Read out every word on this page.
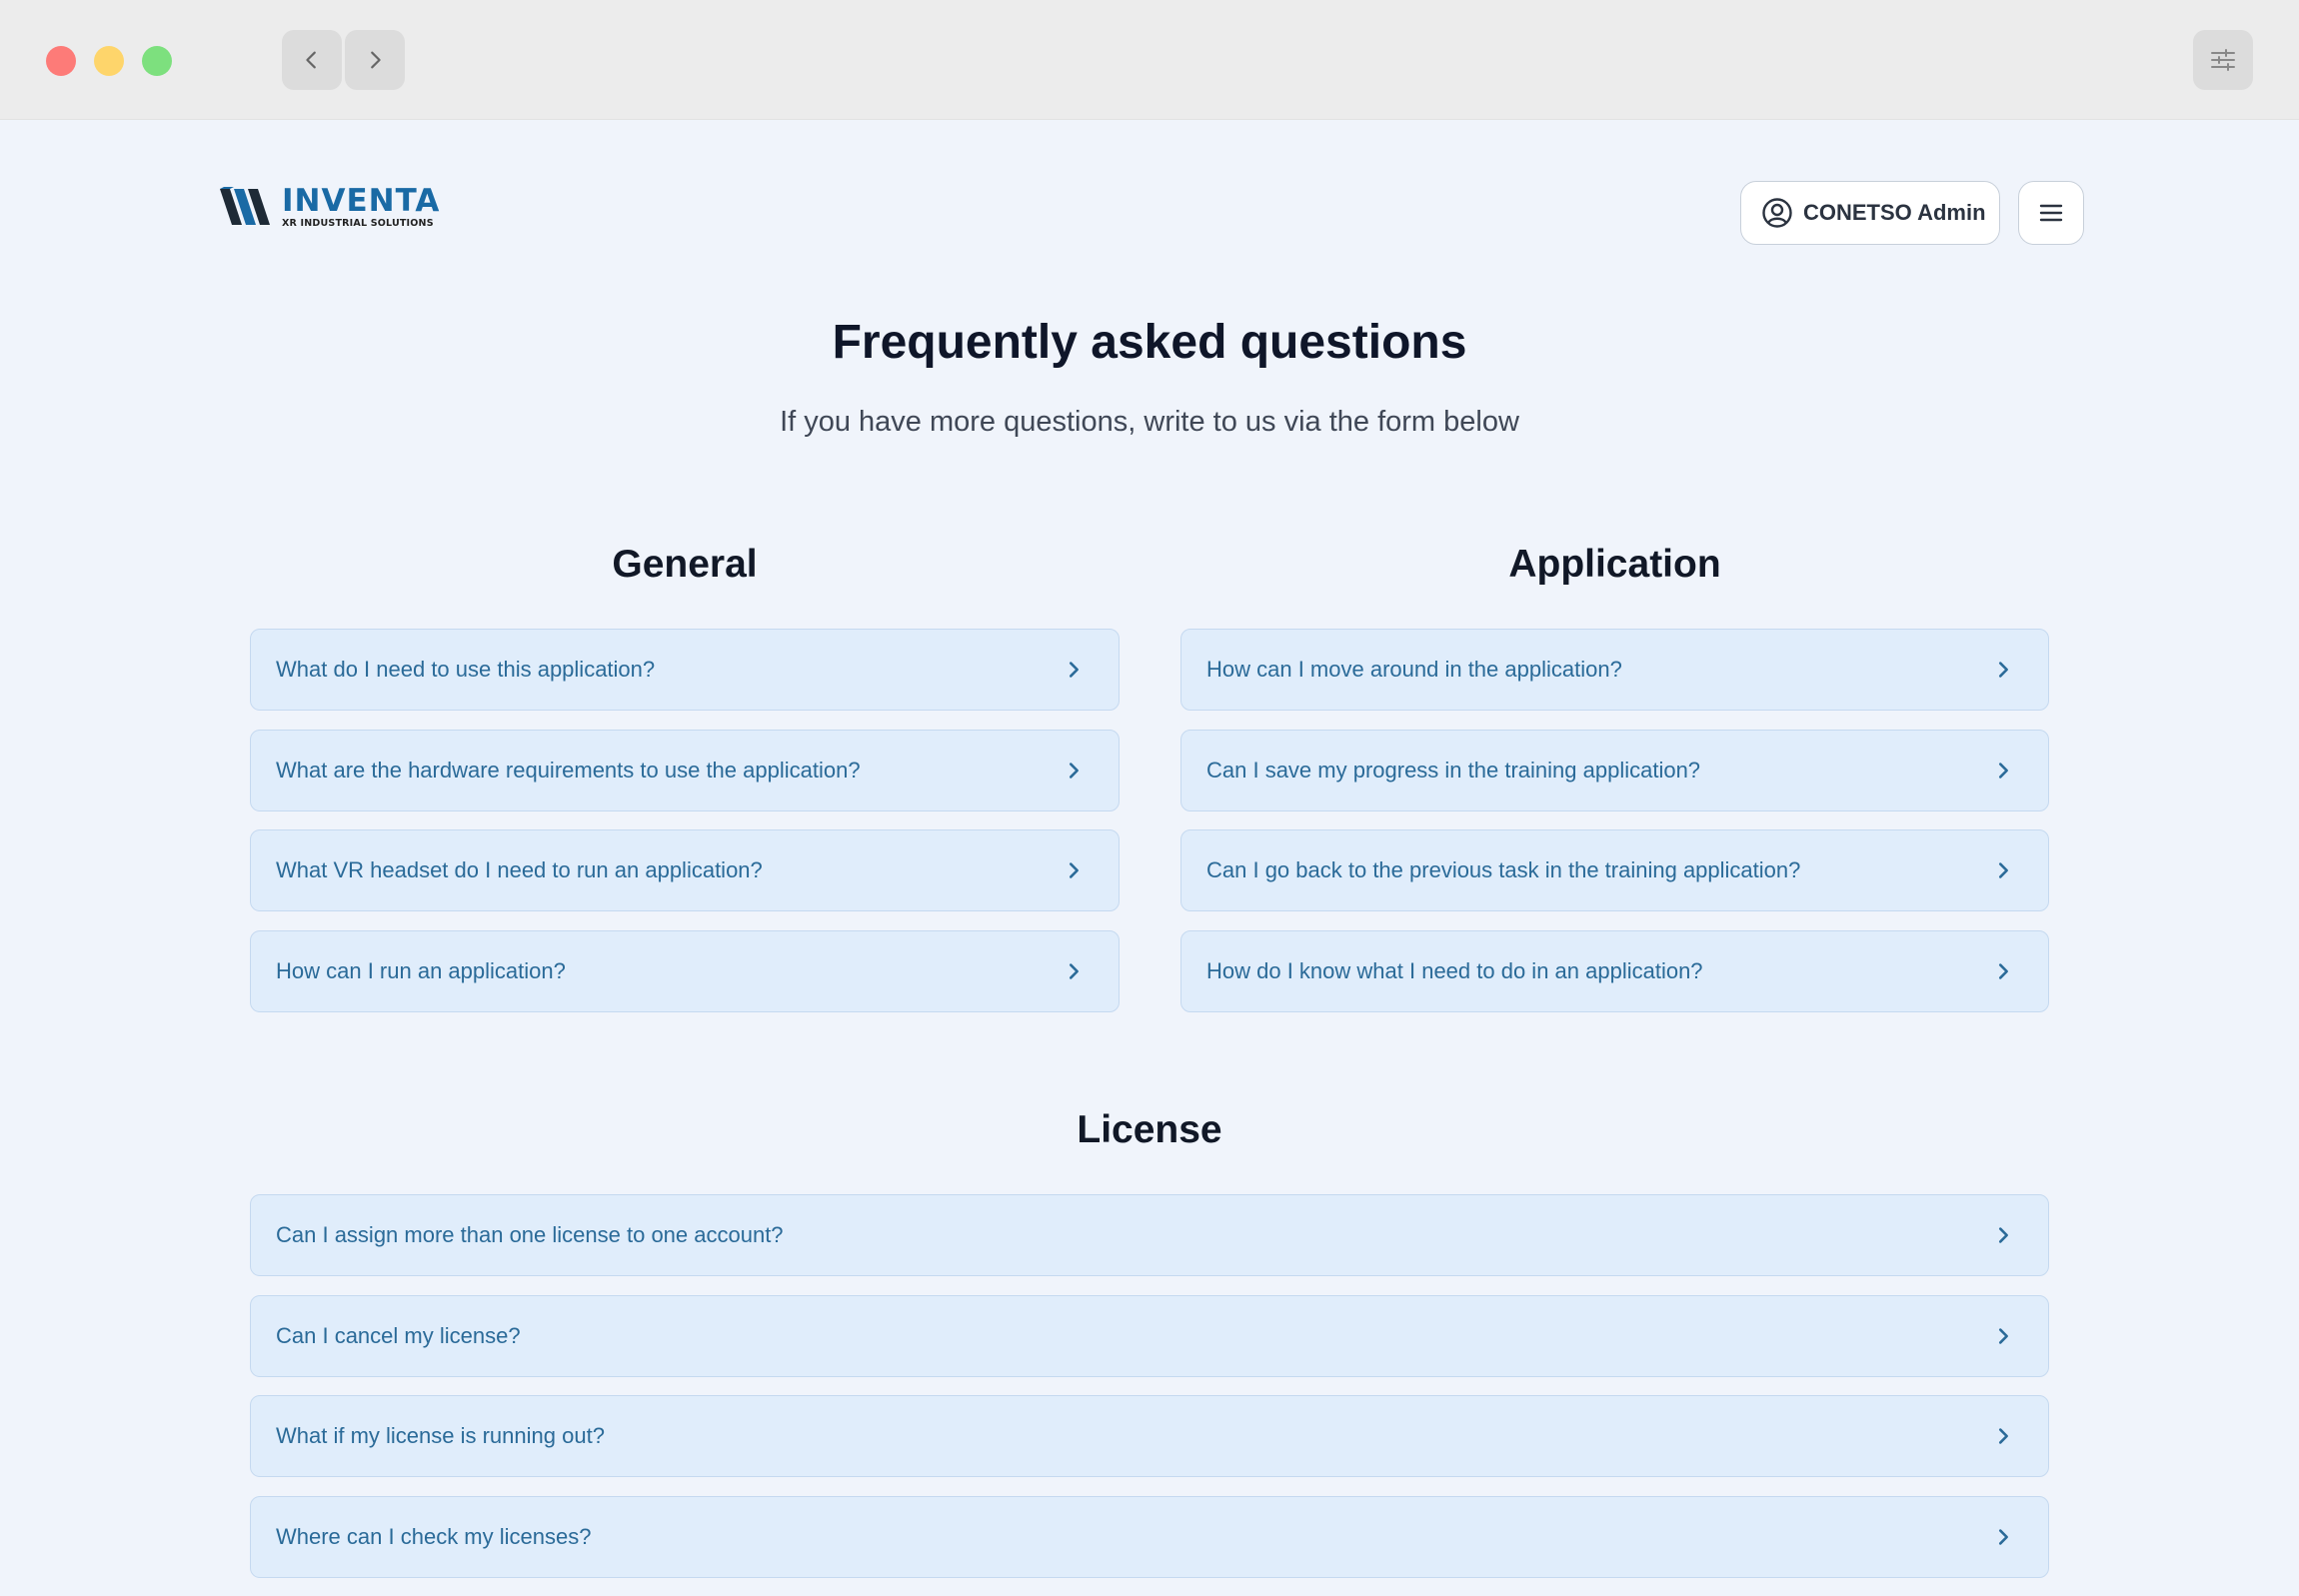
INVENTA
XR INDUSTRIAL SOLUTIONS	CONETSO Admin
Frequently asked questions

If you have more questions, write to us via the form below

General
What do I need to use this application?
What are the hardware requirements to use the application?
What VR headset do I need to run an application?
How can I run an application?
Application
How can I move around in the application?
Can I save my progress in the training application?
Can I go back to the previous task in the training application?
How do I know what I need to do in an application?
License
Can I assign more than one license to one account?
Can I cancel my license?
What if my license is running out?
Where can I check my licenses?
